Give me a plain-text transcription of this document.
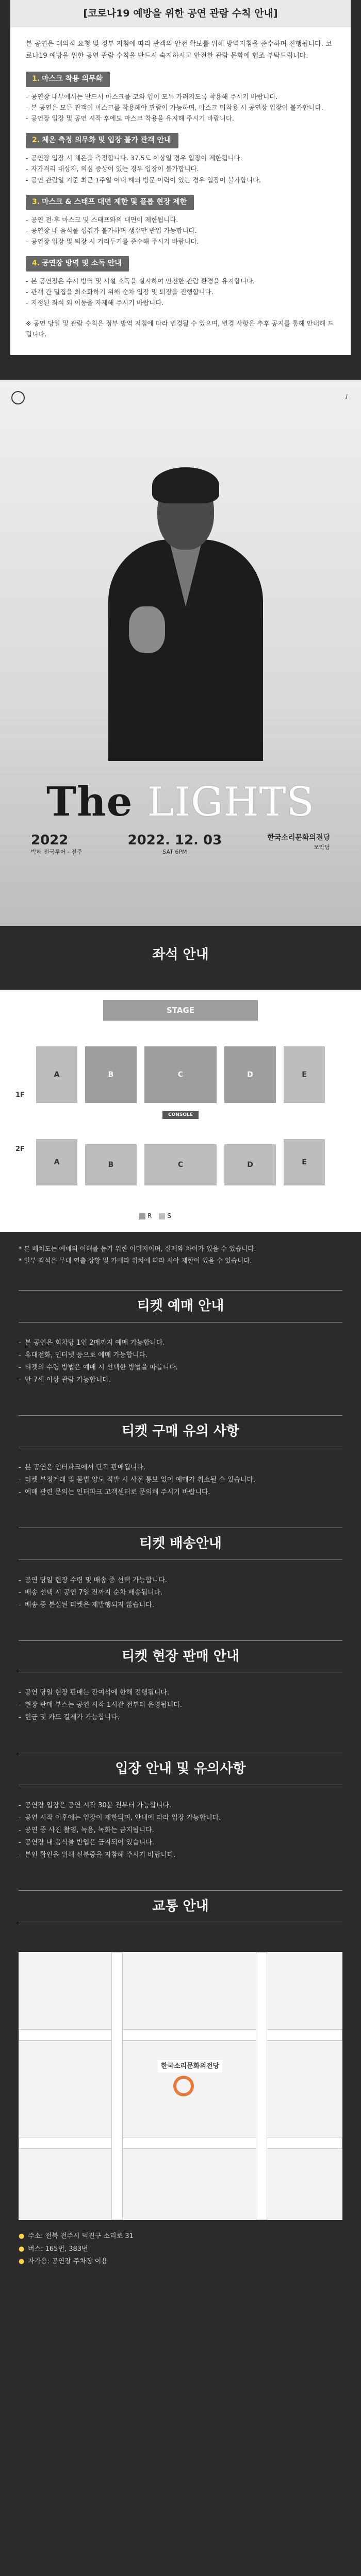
[코로나19 예방을 위한 공연 관람 수칙 안내]

본 공연은 대의적 요청 및 정부 지침에 따라 관객의 안전 확보를 위해 방역지침을 준수하며 진행됩니다. 코로나19 예방을 위한 공연 관람 수칙을 반드시 숙지하시고 안전한 관람 문화에 협조 부탁드립니다.

1. 마스크 착용 의무화
- 공연장 내부에서는 반드시 마스크를 코와 입이 모두 가려지도록 착용해 주시기 바랍니다.
- 본 공연은 모든 관객이 마스크를 착용해야 관람이 가능하며, 마스크 미착용 시 공연장 입장이 불가합니다.
- 공연장 입장 및 공연 시작 후에도 마스크 착용을 유지해 주시기 바랍니다.
2. 체온 측정 의무화 및 입장 불가 관객 안내
- 공연장 입장 시 체온을 측정합니다. 37.5도 이상일 경우 입장이 제한됩니다.
- 자가격리 대상자, 의심 증상이 있는 경우 입장이 불가합니다.
- 공연 관람일 기준 최근 1주일 이내 해외 방문 이력이 있는 경우 입장이 불가합니다.
3. 마스크 & 스태프 대면 제한 및 플롭 현장 제한
- 공연 전·후 마스크 및 스태프와의 대면이 제한됩니다.
- 공연장 내 음식물 섭취가 불가하며 생수만 반입 가능합니다.
- 공연장 입장 및 퇴장 시 거리두기를 준수해 주시기 바랍니다.
4. 공연장 방역 및 소독 안내
- 본 공연장은 수시 방역 및 시설 소독을 실시하여 안전한 관람 환경을 유지합니다.
- 관객 간 밀집을 최소화하기 위해 순차 입장 및 퇴장을 진행합니다.
- 지정된 좌석 외 이동을 자제해 주시기 바랍니다.

※ 공연 당일 및 관람 수칙은 정부 방역 지침에 따라 변경될 수 있으며, 변경 사항은 추후 공지를 통해 안내해 드립니다.

J
The LIGHTS
2022
박혜 전국투어 - 전주
2022. 12. 03
SAT 6PM
한국소리문화의전당
모악당
좌석 안내
STAGE
1F
2F
A	B	C	D	E
CONSOLE
A	B	C	D	E
R	S

* 본 배치도는 예매의 이해를 돕기 위한 이미지이며, 실제와 차이가 있을 수 있습니다.

* 일부 좌석은 무대 연출 상황 및 카메라 위치에 따라 시야 제한이 있을 수 있습니다.

티켓 예매 안내
- 본 공연은 회차당 1인 2매까지 예매 가능합니다.
- 휴대전화, 인터넷 등으로 예매 가능합니다.
- 티켓의 수령 방법은 예매 시 선택한 방법을 따릅니다.
- 만 7세 이상 관람 가능합니다.
티켓 구매 유의 사항
- 본 공연은 인터파크에서 단독 판매됩니다.
- 티켓 부정거래 및 불법 양도 적발 시 사전 통보 없이 예매가 취소될 수 있습니다.
- 예매 관련 문의는 인터파크 고객센터로 문의해 주시기 바랍니다.
티켓 배송안내
- 공연 당일 현장 수령 및 배송 중 선택 가능합니다.
- 배송 선택 시 공연 7일 전까지 순차 배송됩니다.
- 배송 중 분실된 티켓은 재발행되지 않습니다.
티켓 현장 판매 안내
- 공연 당일 현장 판매는 잔여석에 한해 진행됩니다.
- 현장 판매 부스는 공연 시작 1시간 전부터 운영됩니다.
- 현금 및 카드 결제가 가능합니다.
입장 안내 및 유의사항
- 공연장 입장은 공연 시작 30분 전부터 가능합니다.
- 공연 시작 이후에는 입장이 제한되며, 안내에 따라 입장 가능합니다.
- 공연 중 사진 촬영, 녹음, 녹화는 금지됩니다.
- 공연장 내 음식물 반입은 금지되어 있습니다.
- 본인 확인을 위해 신분증을 지참해 주시기 바랍니다.
교통 안내
한국소리문화의전당

● 주소: 전북 전주시 덕진구 소리로 31

● 버스: 165번, 383번

● 자가용: 공연장 주차장 이용
